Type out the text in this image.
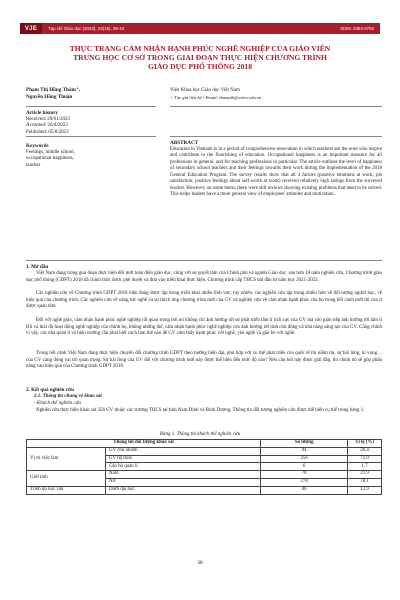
VJE	Tạp chí Giáo dục (2023), 23(15), 38-44	ISSN: 2354-0753
THỰC TRẠNG CẢM NHẬN HẠNH PHÚC NGHỀ NGHIỆP CỦA GIÁO VIÊN
TRUNG HỌC CƠ SỞ TRONG GIAI ĐOẠN THỰC HIỆN CHƯƠNG TRÌNH
GIÁO DỤC PHỔ THÔNG 2018
Phạm Thị Hồng Thắm⁺,
Nguyễn Hồng Thuận
Viện Khoa học Giáo dục Việt Nam
+ Tác giả liên hệ • Email: thampth@vnies.edu.vn
Article history
Received: 20/01/2023
Accepted: 26/4/2023
Published: 05/8/2023
Keywords
Feelings, middle school,
occupational happiness,
teacher
ABSTRACT
Education in Vietnam is in a period of comprehensive renovation in which teachers are the ones who inspire and contribute to the flourishing of education. Occupational happiness is an important measure for all professions in general, and for teaching professions in particular. The article outlines the level of happiness of secondary school teachers and their feelings towards their work during the implementation of the 2018 General Education Program. The survey results show that all 3 factors (positive emotions at work; job satisfaction; positive feelings about self-worth at work) received relatively high ratings from the surveyed teacher. However, on some items, there were still reviews showing existing problems that need to be solved. This helps leaders have a more general view of employees' attitudes and motivation.
1. Mở đầu
Việt Nam đang trong giai đoạn thực hiện đổi mới toàn diện giáo dục, cùng với sự quyết tâm của Chính phủ và ngành Giáo dục, sau hơn 10 năm nghiên cứu, Chương trình giáo dục phổ thông (GDPT) 2018 đã chính thức được phê duyệt và đưa vào triển khai thực hiện. Chương trình cấp THCS bắt đầu từ năm học 2021-2022.
Các nghiên cứu về Chương trình GDPT 2018 hiện đang được tập trung triển khai nhiều lĩnh vực, tuy nhiên, các nghiên cứu tập trung nhiều hơn về đối tượng người học, về hiệu quả của chương trình. Các nghiên cứu về năng lực nghề và sự thích ứng chương trình mới của GV và nghiên cứu về cảm nhận hạnh phúc của họ trong bối cảnh mới thì còn ít được quan tâm.
Đối với nghề giáo, cảm nhận hạnh phúc nghề nghiệp rất quan trọng bởi nó không chỉ ảnh hưởng tới sự phát triển tâm lí tích cực của GV mà còn gián tiếp ảnh hưởng tới tâm lí HS và thái độ hoạt động nghề nghiệp của chính họ, không những thế, cảm nhận hạnh phúc nghề nghiệp còn ảnh hưởng tới tinh chủ động và khả năng sáng tạo của GV. Cũng chính vì vậy, các nhà quản lí và hiệu trưởng cần phải biết cách làm thế nào để GV cảm thấy hạnh phúc với nghề, yêu nghề và gắn bó với nghề.
Trong bối cảnh Việt Nam đang thực hiện chuyển đổi chương trình GDPT theo hướng hiện đại, phù hợp với xu thế phát triển của quốc tế thì niềm tin, sự hài lòng, kì vọng… của GV càng đóng vai trò quan trọng. Sự hài lòng của GV đối với chương trình mới này được thể hiện đến mức độ nào? Nếu câu hỏi này được giải đáp, thì chính nó sẽ góp phần nâng cao hiệu quả của Chương trình GDPT 2018.
2. Kết quả nghiên cứu
2.1. Thông tin chung về khảo sát
- Khách thể nghiên cứu
Nghiên cứu thực hiện khảo sát 356 GV thuộc các trường THCS tại tỉnh Nam Định và Bình Dương. Thông tin đối tượng nghiên cứu được thể hiện cụ thể trong bảng 1.
Bảng 1. Thông tin khách thể nghiên cứu
Thông tin đối tượng khảo sát		Số lượng	Tỉ lệ (%)
Vị trí việc làm	GV chủ nhiệm	94	26.4
	GV bộ môn	256	71.9
	Cán bộ quản lí	6	1.7
Giới tính	Nam	78	21.9
	Nữ	278	78.1
Trình độ học vấn	Dưới đại học	46	12.9
38
